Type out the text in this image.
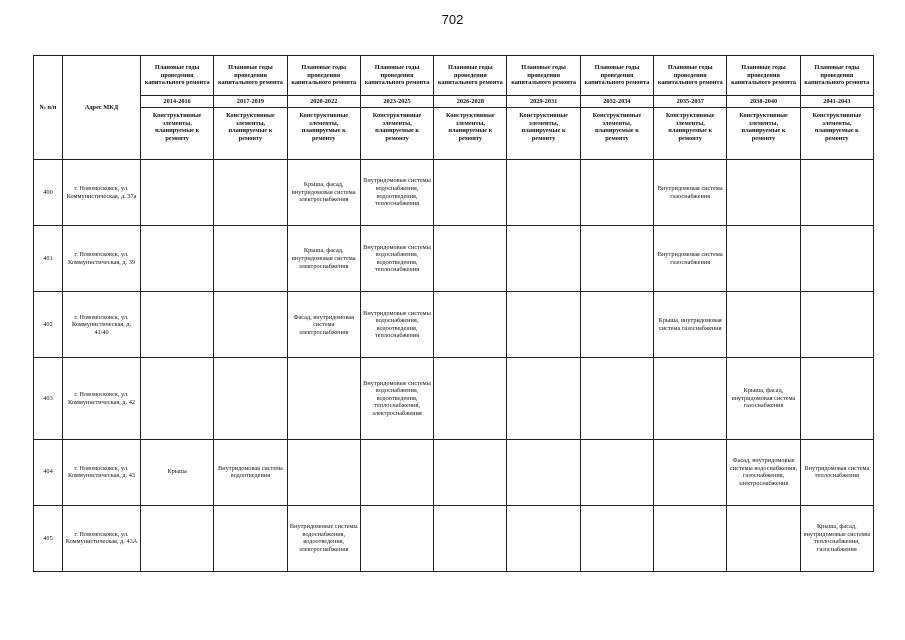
702
№ п/п	Адрес МКД	Плановые годы проведения капитального ремонта	Плановые годы проведения капитального ремонта	Плановые годы проведения капитального ремонта	Плановые годы проведения капитального ремонта	Плановые годы проведения капитального ремонта	Плановые годы проведения капитального ремонта	Плановые годы проведения капитального ремонта	Плановые годы проведения капитального ремонта	Плановые годы проведения капитального ремонта	Плановые годы проведения капитального ремонта
		2014-2016	2017-2019	2020-2022	2023-2025	2026-2028	2029-2031	2032-2034	2035-2037	2038-2040	2041-2043
		Конструктивные элементы, планируемые к ремонту	Конструктивные элементы, планируемые к ремонту	Конструктивные элементы, планируемые к ремонту	Конструктивные элементы, планируемые к ремонту	Конструктивные элементы, планируемые к ремонту	Конструктивные элементы, планируемые к ремонту	Конструктивные элементы, планируемые к ремонту	Конструктивные элементы, планируемые к ремонту	Конструктивные элементы, планируемые к ремонту	Конструктивные элементы, планируемые к ремонту
400	г. Новомосковск, ул. Коммунистическая, д. 37а			Крыша, фасад, внутридомовая система электроснабжения	Внутридомовые системы водоснабжения, водоотведения, теплоснабжения				Внутридомовая система газоснабжения		
401	г. Новомосковск, ул. Коммунистическая, д. 39			Крыша, фасад, внутридомовая система электроснабжения	Внутридомовые системы водоснабжения, водоотведения, теплоснабжения				Внутридомовая система газоснабжения		
402	г. Новомосковск, ул. Коммунистическая, д. 41/40			Фасад, внутридомовая система электроснабжения	Внутридомовые системы водоснабжения, водоотведения, теплоснабжения				Крыша, внутридомовая система газоснабжения		
403	г. Новомосковск, ул. Коммунистическая, д. 42				Внутридомовые системы водоснабжения, водоотведения, теплоснабжения, электроснабжения					Крыша, фасад, внутридомовая система газоснабжения	
404	г. Новомосковск, ул. Коммунистическая, д. 43	Крыша	Внутридомовая система водоотведения							Фасад, внутридомовые системы водоснабжения, газоснабжения, электроснабжения	Внутридомовая система теплоснабжения
405	г. Новомосковск, ул. Коммунистическая, д. 43А			Внутридомовые системы водоснабжения, водоотведения, электроснабжения							Крыша, фасад, внутридомовые системы теплоснабжения, газоснабжения
